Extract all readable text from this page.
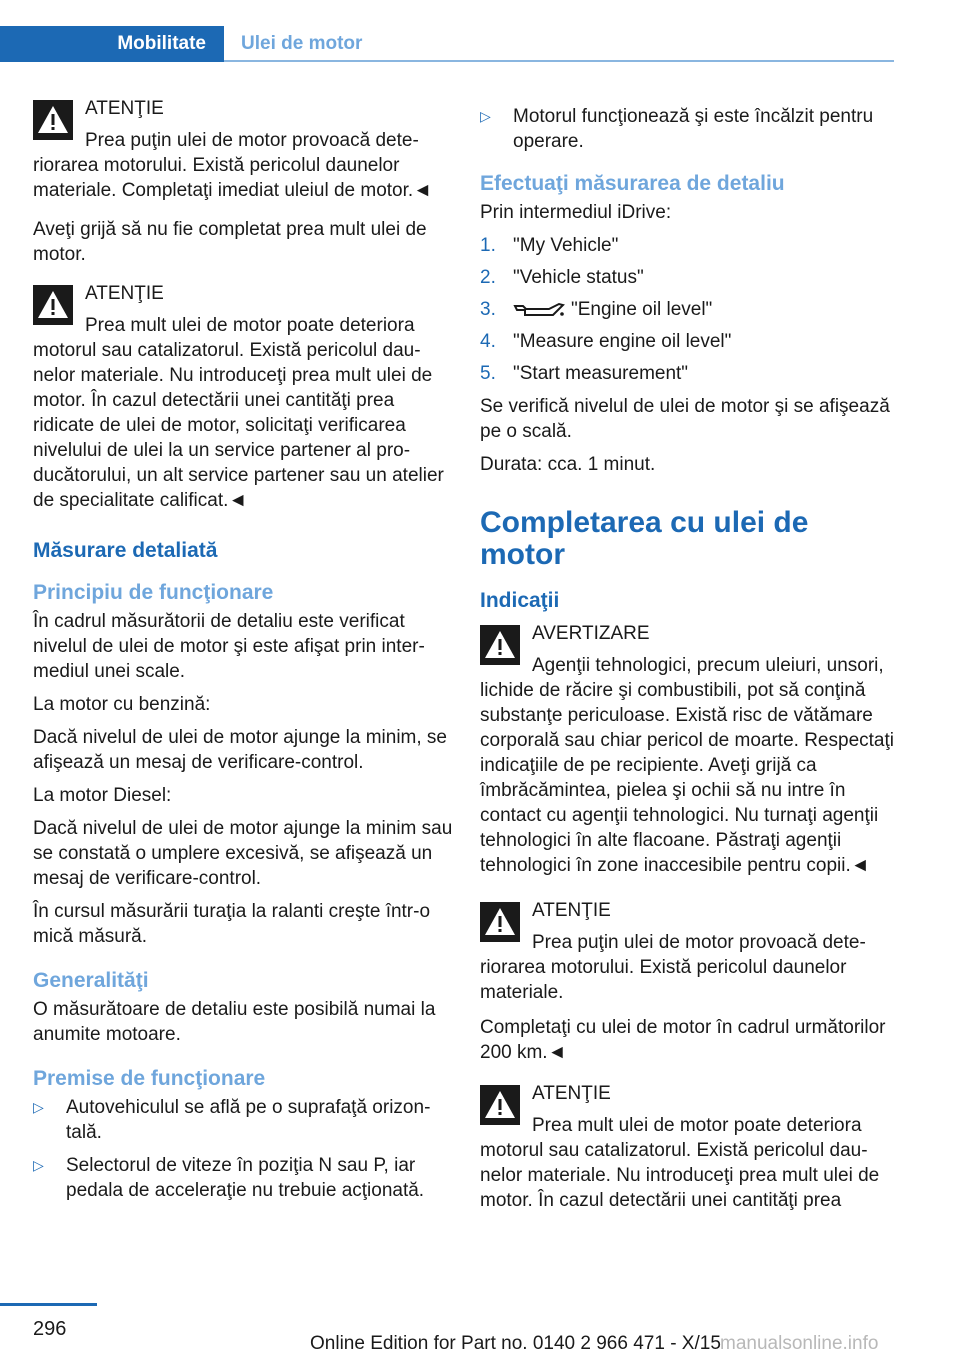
Mobilitate	Ulei de motor
ATENŢIE
Prea puţin ulei de motor provoacă deteriorarea motorului. Există pericolul daunelor materiale. Completaţi imediat uleiul de motor.◄

Aveţi grijă să nu fie completat prea mult ulei de motor.

ATENŢIE
Prea mult ulei de motor poate deteriora motorul sau catalizatorul. Există pericolul daunelor materiale. Nu introduceţi prea mult ulei de motor. În cazul detectării unei cantităţi prea ridicate de ulei de motor, solicitaţi verificarea nivelului de ulei la un service partener al producătorului, un alt service partener sau un atelier de specialitate calificat.◄
Măsurare detaliată
Principiu de funcţionare

În cadrul măsurătorii de detaliu este verificat nivelul de ulei de motor şi este afişat prin intermediul unei scale.

La motor cu benzină:

Dacă nivelul de ulei de motor ajunge la minim, se afişează un mesaj de verificare-control.

La motor Diesel:

Dacă nivelul de ulei de motor ajunge la minim sau se constată o umplere excesivă, se afişează un mesaj de verificare-control.

În cursul măsurării turaţia la ralanti creşte într-o mică măsură.

Generalităţi

O măsurătoare de detaliu este posibilă numai la anumite motoare.

Premise de funcţionare
▷ Autovehiculul se află pe o suprafaţă orizontală.
▷ Selectorul de viteze în poziţia N sau P, iar pedala de acceleraţie nu trebuie acţionată.
▷ Motorul funcţionează şi este încălzit pentru operare.
Efectuaţi măsurarea de detaliu

Prin intermediul iDrive:

1. "My Vehicle"
2. "Vehicle status"
3.	"Engine oil level"
4. "Measure engine oil level"
5. "Start measurement"

Se verifică nivelul de ulei de motor şi se afişează pe o scală.

Durata: cca. 1 minut.

Completarea cu ulei de motor
Indicaţii
AVERTIZARE
Agenţii tehnologici, precum uleiuri, unsori, lichide de răcire şi combustibili, pot să conţină substanţe periculoase. Există risc de vătămare corporală sau chiar pericol de moarte. Respectaţi indicaţiile de pe recipiente. Aveţi grijă ca îmbrăcămintea, pielea şi ochii să nu intre în contact cu agenţii tehnologici. Nu turnaţi agenţii tehnologici în alte flacoane. Păstraţi agenţii tehnologici în zone inaccesibile pentru copii.◄
ATENŢIE
Prea puţin ulei de motor provoacă deteriorarea motorului. Există pericolul daunelor materiale.

Completaţi cu ulei de motor în cadrul următorilor 200 km.◄

ATENŢIE
Prea mult ulei de motor poate deteriora motorul sau catalizatorul. Există pericolul daunelor materiale. Nu introduceţi prea mult ulei de motor. În cazul detectării unei cantităţi prea
296
Online Edition for Part no. 0140 2 966 471 - X/15 manualsonline.info
